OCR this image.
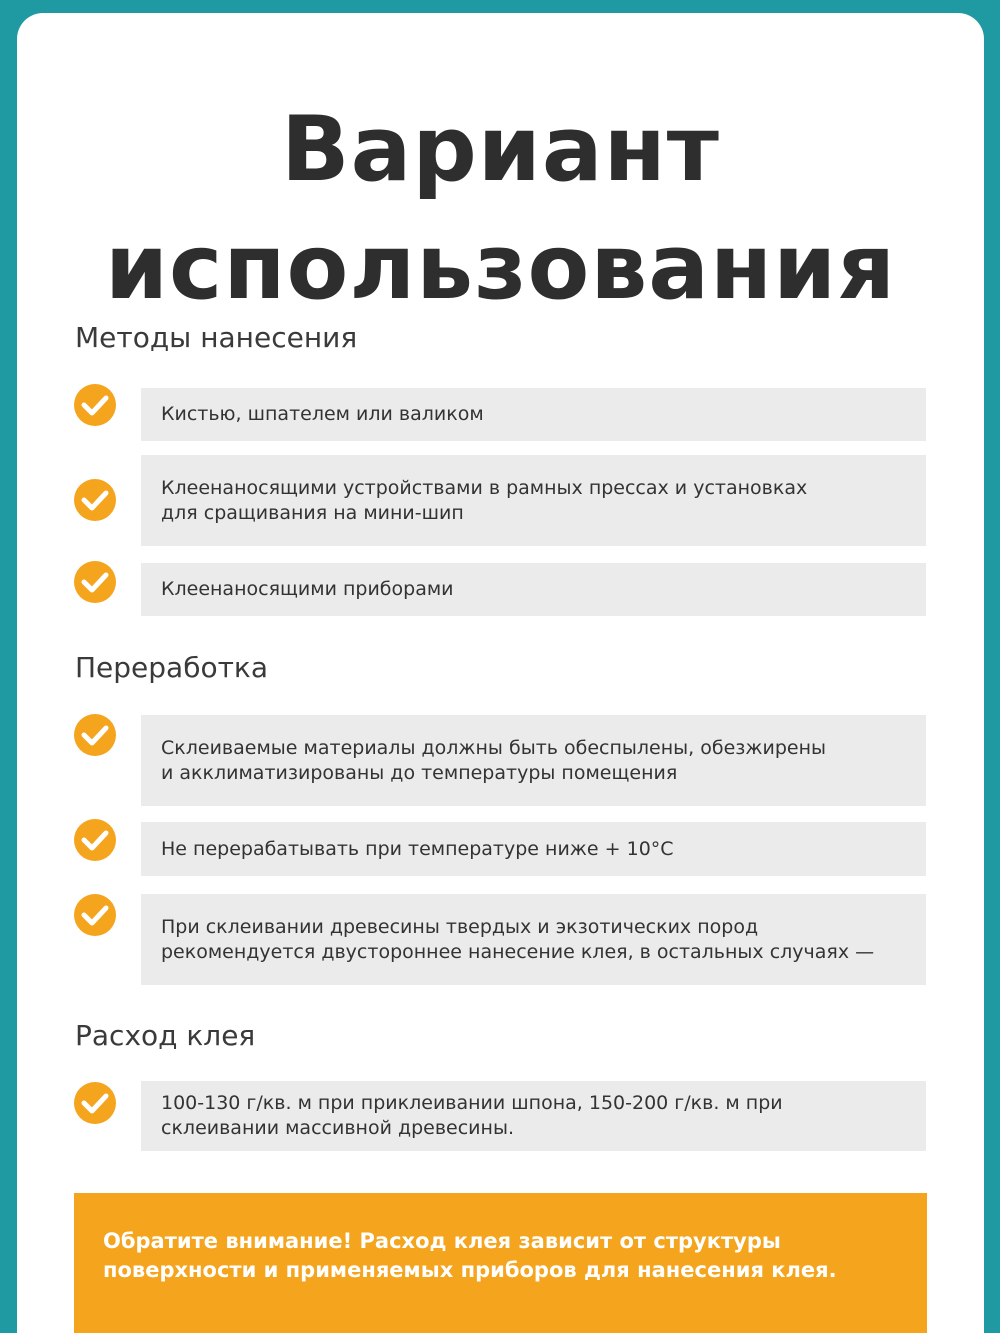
Вариант
использования
Методы нанесения
Кистью, шпателем или валиком
Клеенаносящими устройствами в рамных прессах и установках
для сращивания на мини-шип
Клеенаносящими приборами
Переработка
Склеиваемые материалы должны быть обеспылены, обезжирены
и акклиматизированы до температуры помещения
Не перерабатывать при температуре ниже + 10°C
При склеивании древесины твердых и экзотических пород
рекомендуется двустороннее нанесение клея, в остальных случаях —
Расход клея
100-130 г/кв. м при приклеивании шпона, 150-200 г/кв. м при
склеивании массивной древесины.
Обратите внимание! Расход клея зависит от структуры
поверхности и применяемых приборов для нанесения клея.
